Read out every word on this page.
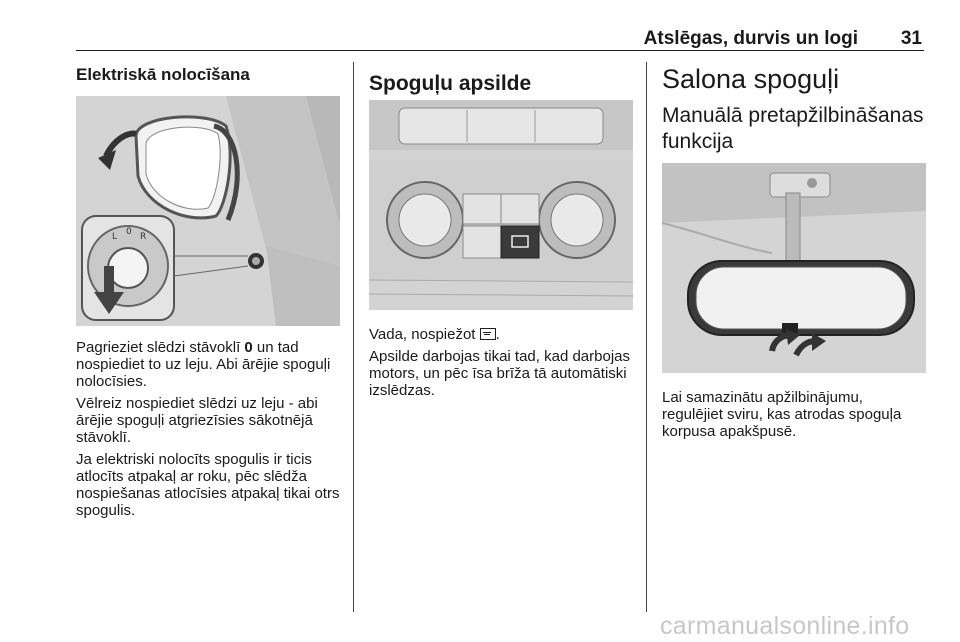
Atslēgas, durvis un logi 31
Elektriskā nolocīšana
L 0 R

Pagrieziet slēdzi stāvoklī 0 un tad nospiediet to uz leju. Abi ārējie spoguļi nolocīsies.

Vēlreiz nospiediet slēdzi uz leju - abi ārējie spoguļi atgriezīsies sākotnējā stāvoklī.

Ja elektriski nolocīts spogulis ir ticis atlocīts atpakaļ ar roku, pēc slēdža nospiešanas atlocīsies atpakaļ tikai otrs spogulis.

Spoguļu apsilde

Vada, nospiežot
.

Apsilde darbojas tikai tad, kad darbojas motors, un pēc īsa brīža tā automātiski izslēdzas.

Salona spoguļi
Manuālā pretapžilbināšanas funkcija

Lai samazinātu apžilbinājumu, regulējiet sviru, kas atrodas spoguļa korpusa apakšpusē.

carmanualsonline.info
